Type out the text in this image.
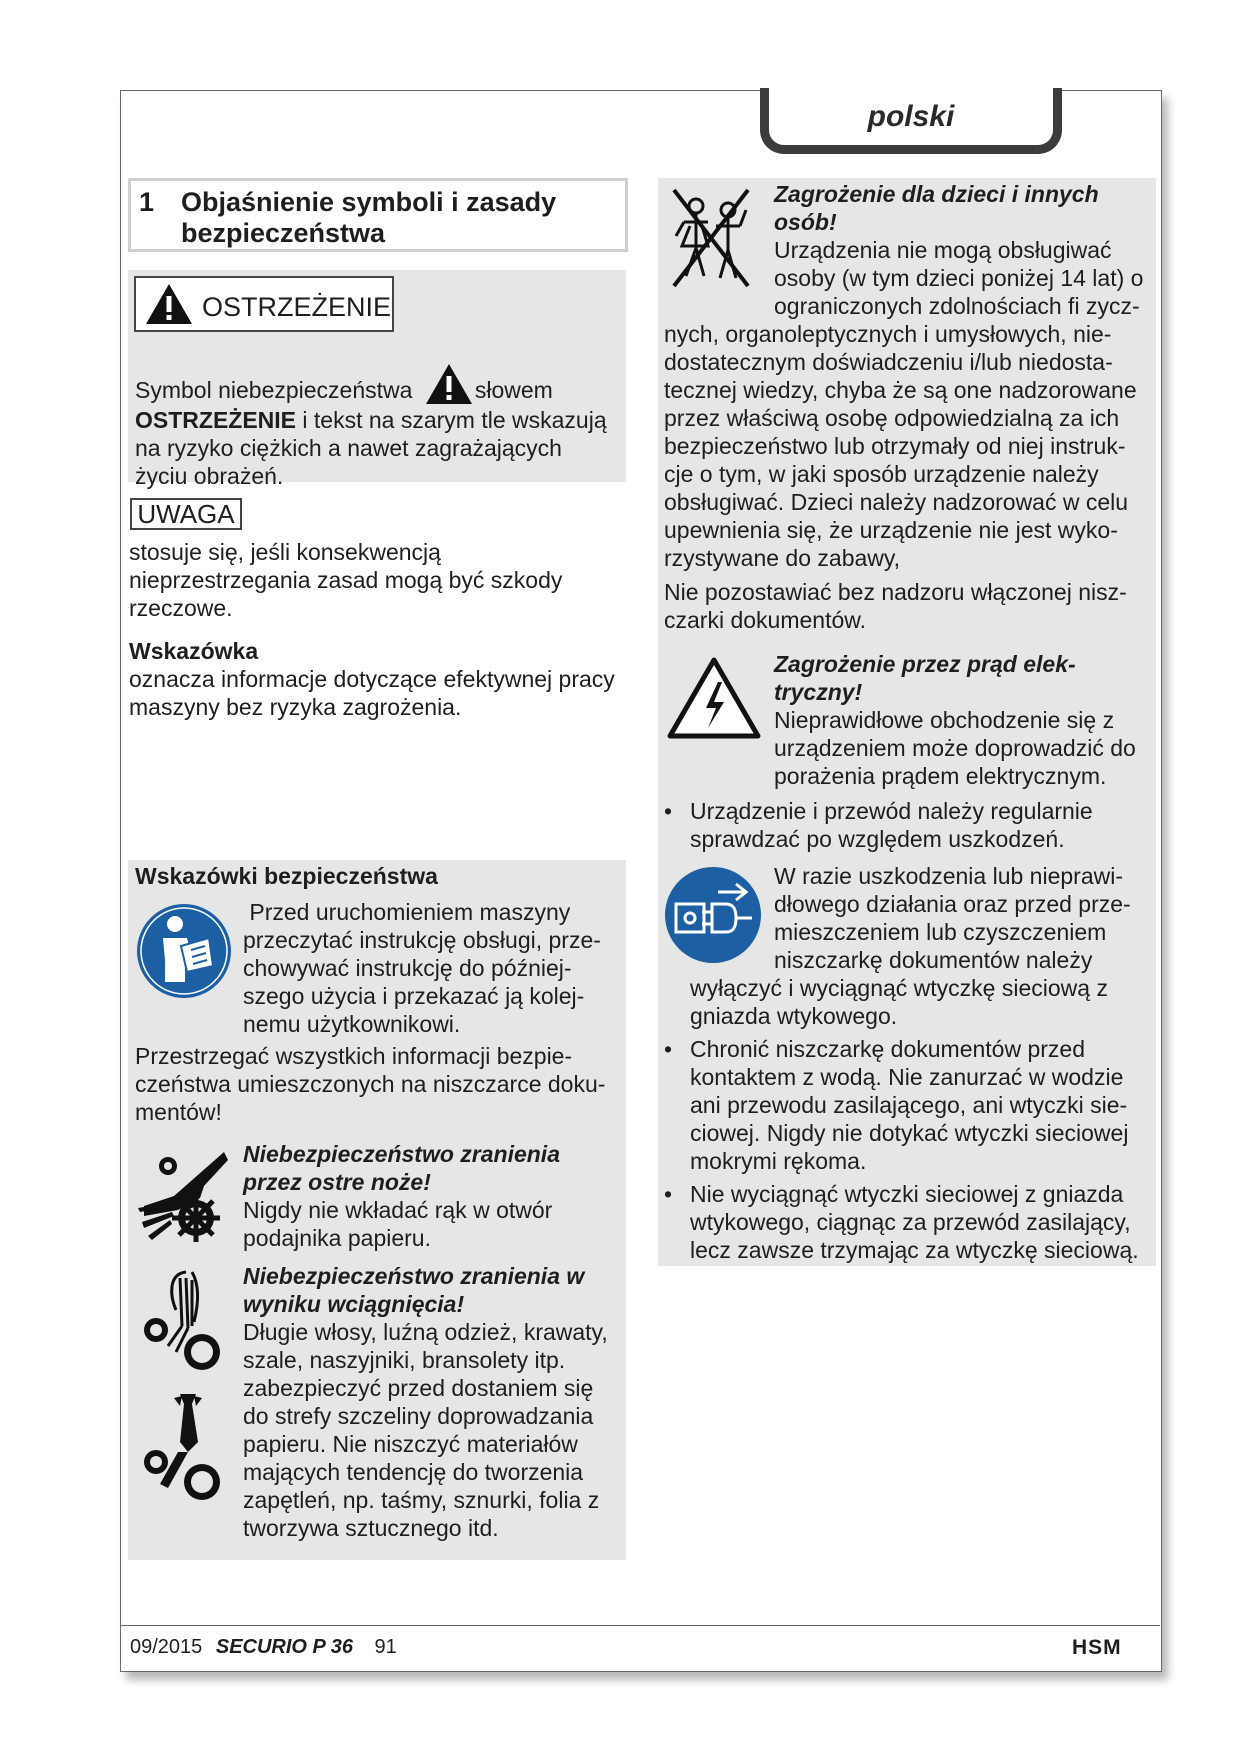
polski
1 Objaśnienie symboli i zasady
bezpieczeństwa
OSTRZEŻENIE
Symbol niebezpieczeństwa	słowem
OSTRZEŻENIE i tekst na szarym tle wskazują
na ryzyko ciężkich a nawet zagrażających
życiu obrażeń.
UWAGA
stosuje się, jeśli konsekwencją
nieprzestrzegania zasad mogą być szkody
rzeczowe.
Wskazówka
oznacza informacje dotyczące efektywnej pracy
maszyny bez ryzyka zagrożenia.
Wskazówki bezpieczeństwa
Przed uruchomieniem maszyny
przeczytać instrukcję obsługi, prze-
chowywać instrukcję do później-
szego użycia i przekazać ją kolej-
nemu użytkownikowi.
Przestrzegać wszystkich informacji bezpie-
czeństwa umieszczonych na niszczarce doku-
mentów!
Niebezpieczeństwo zranienia
przez ostre noże!
Nigdy nie wkładać rąk w otwór
podajnika papieru.
Niebezpieczeństwo zranienia w
wyniku wciągnięcia!
Długie włosy, luźną odzież, krawaty,
szale, naszyjniki, bransolety itp.
zabezpieczyć przed dostaniem się
do strefy szczeliny doprowadzania
papieru. Nie niszczyć materiałów
mających tendencję do tworzenia
zapętleń, np. taśmy, sznurki, folia z
tworzywa sztucznego itd.
Zagrożenie dla dzieci i innych
osób!
Urządzenia nie mogą obsługiwać
osoby (w tym dzieci poniżej 14 lat) o
ograniczonych zdolnościach fi zycz-
nych, organoleptycznych i umysłowych, nie-
dostatecznym doświadczeniu i/lub niedosta-
tecznej wiedzy, chyba że są one nadzorowane
przez właściwą osobę odpowiedzialną za ich
bezpieczeństwo lub otrzymały od niej instruk-
cje o tym, w jaki sposób urządzenie należy
obsługiwać. Dzieci należy nadzorować w celu
upewnienia się, że urządzenie nie jest wyko-
rzystywane do zabawy,
Nie pozostawiać bez nadzoru włączonej nisz-
czarki dokumentów.
Zagrożenie przez prąd elek-
tryczny!
Nieprawidłowe obchodzenie się z
urządzeniem może doprowadzić do
porażenia prądem elektrycznym.
• Urządzenie i przewód należy regularnie
sprawdzać po względem uszkodzeń.
W razie uszkodzenia lub nieprawi-
dłowego działania oraz przed prze-
mieszczeniem lub czyszczeniem
niszczarkę dokumentów należy
wyłączyć i wyciągnąć wtyczkę sieciową z
gniazda wtykowego.
• Chronić niszczarkę dokumentów przed
kontaktem z wodą. Nie zanurzać w wodzie
ani przewodu zasilającego, ani wtyczki sie-
ciowej. Nigdy nie dotykać wtyczki sieciowej
mokrymi rękoma.
• Nie wyciągnąć wtyczki sieciowej z gniazda
wtykowego, ciągnąc za przewód zasilający,
lecz zawsze trzymając za wtyczkę sieciową.
09/2015 SECURIO P 36 91	HSM
